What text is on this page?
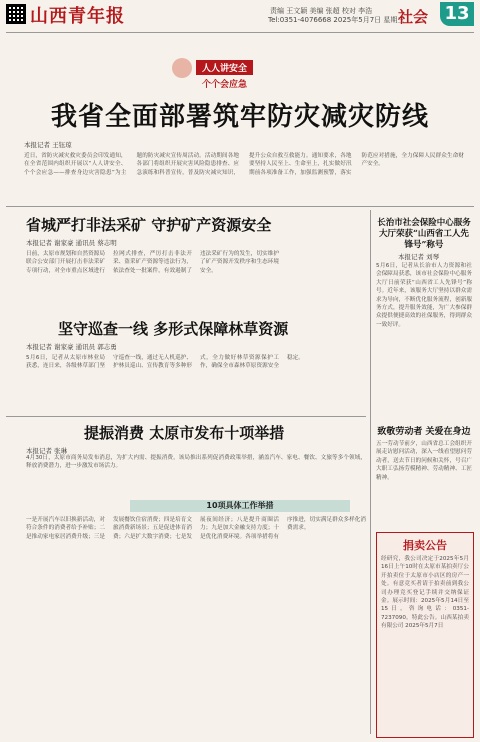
山西青年报	责编 王文颖 美编 张超 校对 李浩
Tel:0351-4076668 2025年5月7日 星期三
社会 13
人人讲安全
个个会应急
我省全面部署筑牢防灾减灾防线
本报记者 王钰琼
近日，省防灾减灾救灾委员会印发通知，在全省范围内组织开展以“人人讲安全、个个会应急——排查身边灾害隐患”为主题的防灾减灾宣传周活动。活动期间各地各部门将组织开展灾害风险隐患排查、应急演练和科普宣传，普及防灾减灾知识，提升公众自救互救能力。通知要求，各地要坚持人民至上、生命至上，扎实做好汛期前各项准备工作，加强监测预警，落实防范应对措施，全力保障人民群众生命财产安全。
省城严打非法采矿 守护矿产资源安全
本报记者 谢家豪 通讯员 蔡志明
日前，太原市规划和自然资源局联合公安部门开展打击非法采矿专项行动，对全市重点区域进行拉网式排查，严厉打击非法开采、盗采矿产资源等违法行为，依法查处一批案件，有效遏制了违法采矿行为的发生，切实维护了矿产资源开发秩序和生态环境安全。
坚守巡查一线 多形式保障林草资源
本报记者 谢家豪 通讯员 郭志勇
5月6日，记者从太原市林业局获悉，连日来，各级林草部门坚守巡查一线，通过无人机巡护、护林员巡山、宣传教育等多种形式，全力做好林草资源保护工作，确保全市森林草原资源安全稳定。
长治市社会保险中心服务大厅荣获“山西省工人先锋号”称号
本报记者 刘琴
5月6日，记者从长治市人力资源和社会保障局获悉，该市社会保险中心服务大厅日前荣获“山西省工人先锋号”称号。近年来，该服务大厅坚持以群众需求为导向，不断优化服务流程，创新服务方式，提升服务效能，为广大参保群众提供便捷高效的社保服务，得到群众一致好评。
提振消费 太原市发布十项举措
本报记者 张琳
4月30日，太原市商务局发布消息，为扩大内需、提振消费，该局推出系列促消费政策举措，涵盖汽车、家电、餐饮、文旅等多个领域，释放消费潜力，进一步激发市场活力。
10项具体工作举措
一是开展汽车以旧换新活动，对符合条件的消费者给予补贴；二是推动家电家居消费升级；三是发展餐饮住宿消费；四是培育文旅消费新场景；五是促进体育消费；六是扩大数字消费；七是发展夜间经济；八是提升商圈活力；九是加大金融支持力度；十是优化消费环境。各项举措将有序推进，切实满足群众多样化消费需求。
致敬劳动者 关爱在身边
五一劳动节前夕，山西省总工会组织开展走访慰问活动，深入一线看望慰问劳动者，送去节日的问候和关怀，号召广大职工弘扬劳模精神、劳动精神、工匠精神。
捐卖公告
经研究，我公司决定于2025年5月16日上午10时在太原市某拍卖厅公开拍卖位于太原市小店区的房产一处。有意竞买者请于拍卖前到我公司办理竞买登记手续并交纳保证金。展示时间：2025年5月14日至15日。咨询电话：0351-7237090。特此公告。山西某拍卖有限公司 2025年5月7日
